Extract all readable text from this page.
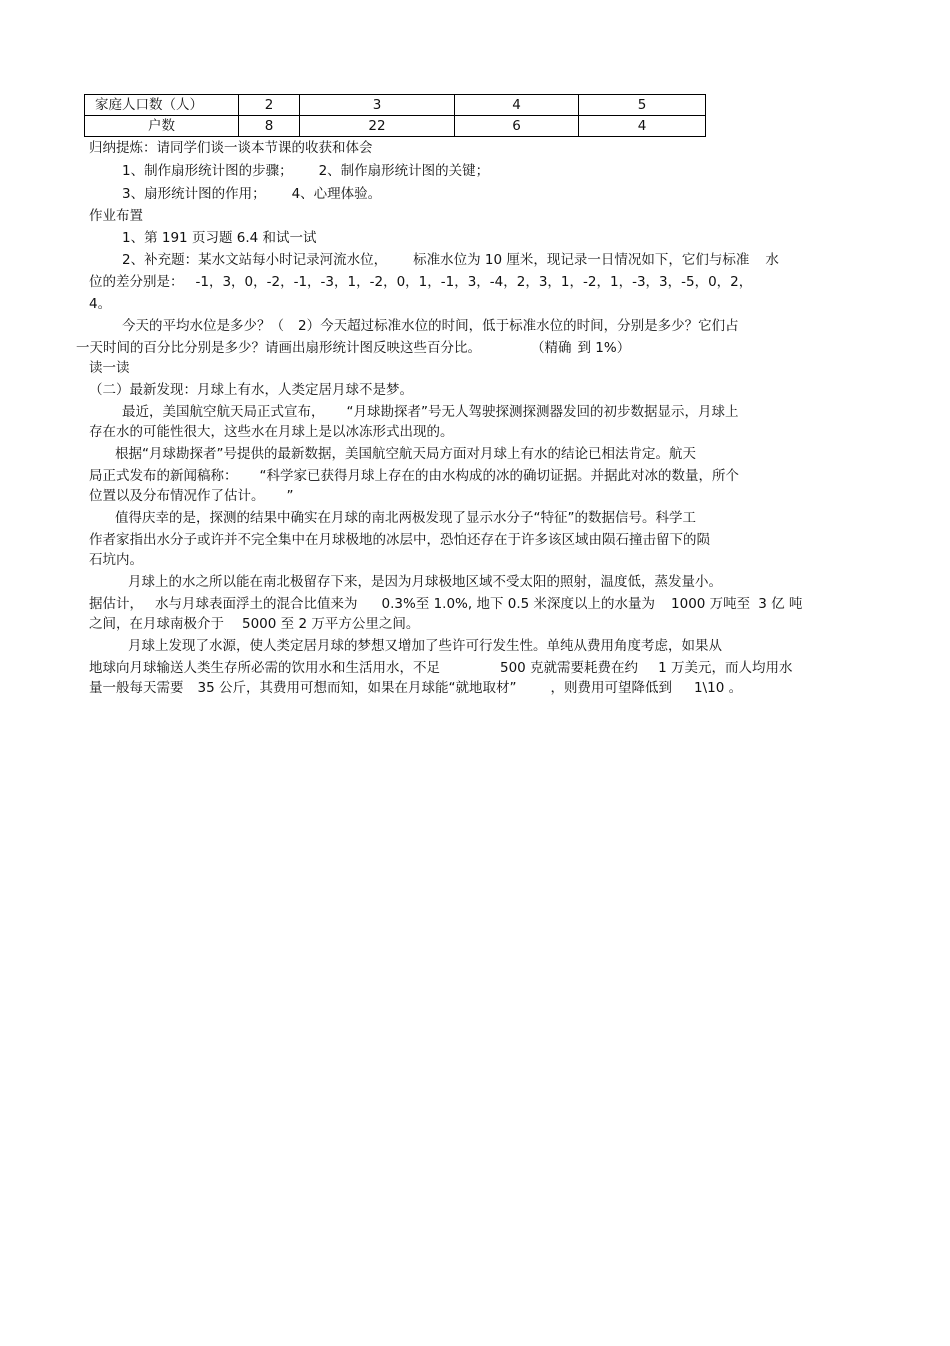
家庭人口数（人）	2	3	4	5
户数	8	22	6	4
归纳提炼：请同学们谈一谈本节课的收获和体会
1、制作扇形统计图的步骤； 2、制作扇形统计图的关键；
3、扇形统计图的作用； 4、心理体验。
作业布置
1、第 191 页习题 6.4 和试一试
2、补充题：某水文站每小时记录河流水位， 标准水位为 10 厘米，现记录一日情况如下，它们与标准 水
位的差分别是： -1，3，0，-2，-1，-3，1，-2，0，1，-1，3，-4，2，3，1，-2，1，-3，3，-5，0，2，
4。
今天的平均水位是多少？（ 2）今天超过标准水位的时间，低于标准水位的时间，分别是多少？它们占
一天时间的百分比分别是多少？请画出扇形统计图反映这些百分比。	（精确 到 1%）
读一读
（二）最新发现：月球上有水，人类定居月球不是梦。
最近，美国航空航天局正式宣布， “月球勘探者”号无人驾驶探测探测器发回的初步数据显示，月球上
存在水的可能性很大，这些水在月球上是以冰冻形式出现的。
根据“月球勘探者”号提供的最新数据，美国航空航天局方面对月球上有水的结论已相法肯定。航天
局正式发布的新闻稿称： “科学家已获得月球上存在的由水构成的冰的确切证据。并据此对冰的数量，所个
位置以及分布情况作了估计。 ”
值得庆幸的是，探测的结果中确实在月球的南北两极发现了显示水分子“特征”的数据信号。科学工
作者家指出水分子或许并不完全集中在月球极地的冰层中，恐怕还存在于许多该区域由陨石撞击留下的陨
石坑内。
月球上的水之所以能在南北极留存下来，是因为月球极地区域不受太阳的照射，温度低，蒸发量小。
据估计， 水与月球表面浮土的混合比值来为 0.3%至 1.0%, 地下 0.5 米深度以上的水量为 1000 万吨至 3 亿 吨
之间，在月球南极介于 5000 至 2 万平方公里之间。
月球上发现了水源，使人类定居月球的梦想又增加了些许可行发生性。单纯从费用角度考虑，如果从
地球向月球输送人类生存所必需的饮用水和生活用水，不足	500 克就需要耗费在约 1 万美元，而人均用水
量一般每天需要 35 公斤，其费用可想而知，如果在月球能“就地取材”	，则费用可望降低到 1\10 。
